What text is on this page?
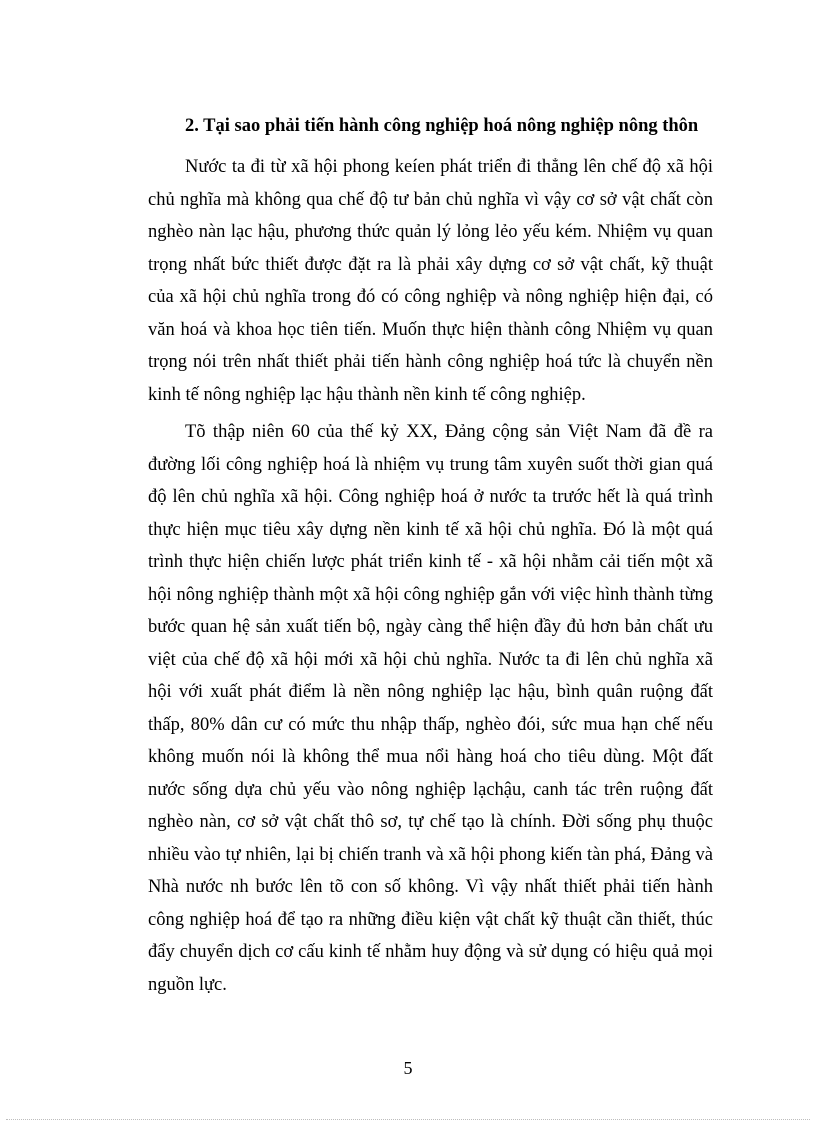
2. Tại sao phải tiến hành công nghiệp hoá nông nghiệp nông thôn

Nước ta đi từ xã hội phong keíen phát triển đi thẳng lên chế độ xã hội chủ nghĩa mà không qua chế độ tư bản chủ nghĩa vì vậy cơ sở vật chất còn nghèo nàn lạc hậu, phương thức quản lý lỏng lẻo yếu kém. Nhiệm vụ quan trọng nhất bức thiết được đặt ra là phải xây dựng cơ sở vật chất, kỹ thuật của xã hội chủ nghĩa trong đó có công nghiệp và nông nghiệp hiện đại, có văn hoá và khoa học tiên tiến. Muốn thực hiện thành công Nhiệm vụ quan trọng nói trên nhất thiết phải tiến hành công nghiệp hoá tức là chuyển nền kinh tế nông nghiệp lạc hậu thành nền kinh tế công nghiệp.

Tõ thập niên 60 của thế kỷ XX, Đảng cộng sản Việt Nam đã đề ra đường lối công nghiệp hoá là nhiệm vụ trung tâm xuyên suốt thời gian quá độ lên chủ nghĩa xã hội. Công nghiệp hoá ở nước ta trước hết là quá trình thực hiện mục tiêu xây dựng nền kinh tế xã hội chủ nghĩa. Đó là một quá trình thực hiện chiến lược phát triển kinh tế - xã hội nhằm cải tiến một xã hội nông nghiệp thành một xã hội công nghiệp gắn với việc hình thành từng bước quan hệ sản xuất tiến bộ, ngày càng thể hiện đầy đủ hơn bản chất ưu việt của chế độ xã hội mới xã hội chủ nghĩa. Nước ta đi lên chủ nghĩa xã hội với xuất phát điểm là nền nông nghiệp lạc hậu, bình quân ruộng đất thấp, 80% dân cư có mức thu nhập thấp, nghèo đói, sức mua hạn chế nếu không muốn nói là không thể mua nổi hàng hoá cho tiêu dùng. Một đất nước sống dựa chủ yếu vào nông nghiệp lạchậu, canh tác trên ruộng đất nghèo nàn, cơ sở vật chất thô sơ, tự chế tạo là chính. Đời sống phụ thuộc nhiều vào tự nhiên, lại bị chiến tranh và xã hội phong kiến tàn phá, Đảng và Nhà nước nh bước lên tõ con số không. Vì vậy nhất thiết phải tiến hành công nghiệp hoá để tạo ra những điều kiện vật chất kỹ thuật cần thiết, thúc đẩy chuyển dịch cơ cấu kinh tế nhằm huy động và sử dụng có hiệu quả mọi nguồn lực.

5
